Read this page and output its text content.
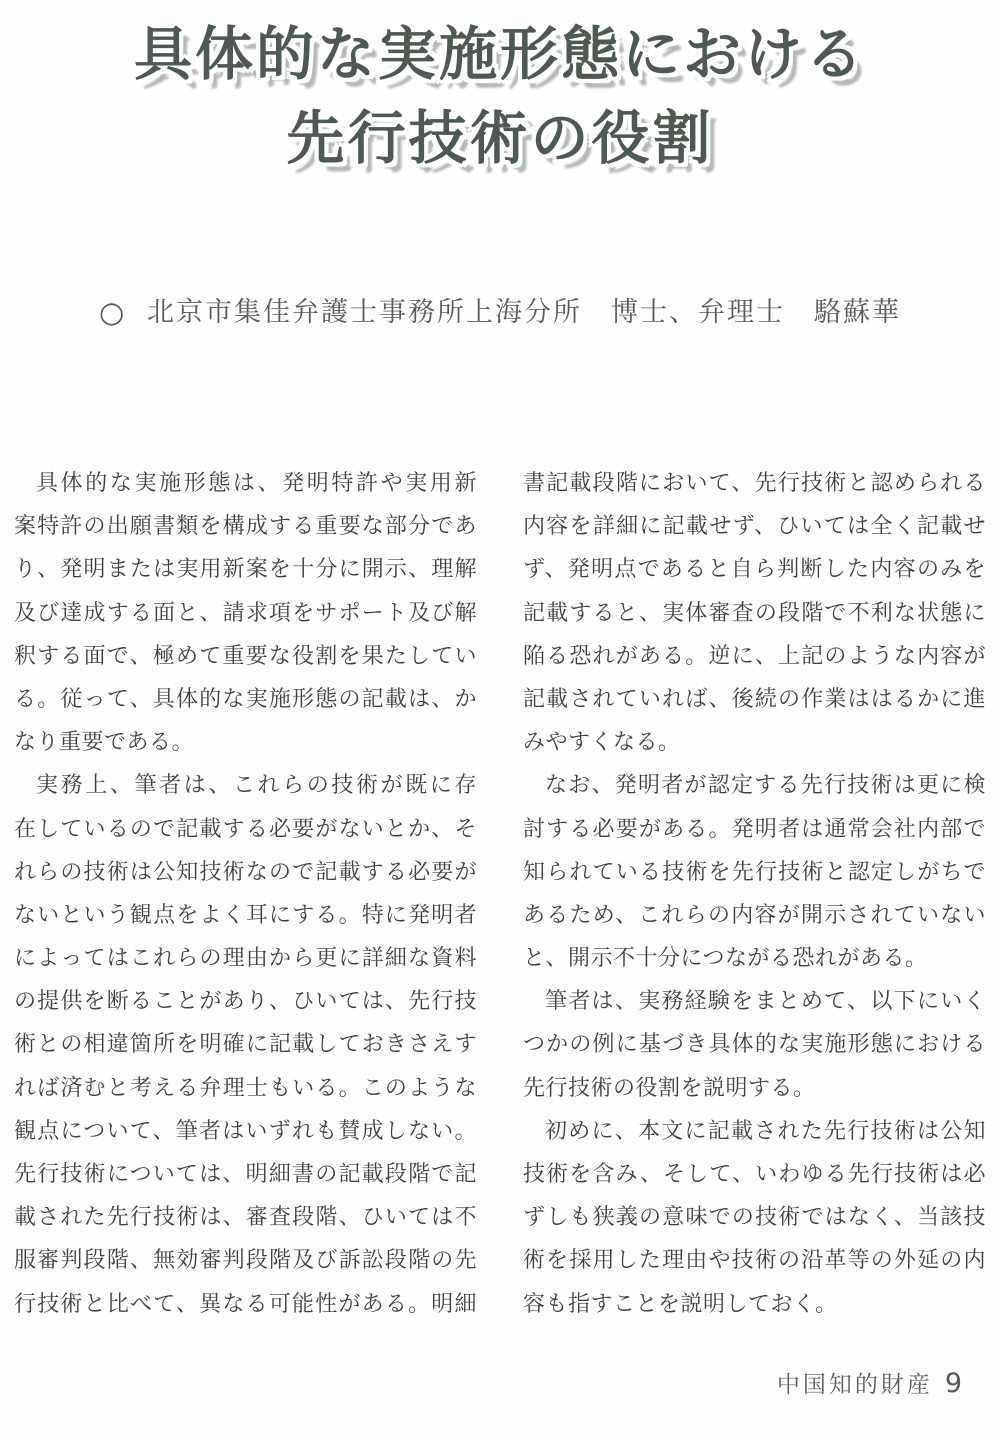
具体的な実施形態における
先行技術の役割
○ 北京市集佳弁護士事務所上海分所　博士、弁理士　駱蘇華
具体的な実施形態は、発明特許や実用新
案特許の出願書類を構成する重要な部分であ
り、発明または実用新案を十分に開示、理解
及び達成する面と、請求項をサポート及び解
釈する面で、極めて重要な役割を果たしてい
る。従って、具体的な実施形態の記載は、か
なり重要である。
実務上、筆者は、これらの技術が既に存
在しているので記載する必要がないとか、そ
れらの技術は公知技術なので記載する必要が
ないという観点をよく耳にする。特に発明者
によってはこれらの理由から更に詳細な資料
の提供を断ることがあり、ひいては、先行技
術との相違箇所を明確に記載しておきさえす
れば済むと考える弁理士もいる。このような
観点について、筆者はいずれも賛成しない。
先行技術については、明細書の記載段階で記
載された先行技術は、審査段階、ひいては不
服審判段階、無効審判段階及び訴訟段階の先
行技術と比べて、異なる可能性がある。明細
書記載段階において、先行技術と認められる
内容を詳細に記載せず、ひいては全く記載せ
ず、発明点であると自ら判断した内容のみを
記載すると、実体審査の段階で不利な状態に
陥る恐れがある。逆に、上記のような内容が
記載されていれば、後続の作業ははるかに進
みやすくなる。
なお、発明者が認定する先行技術は更に検
討する必要がある。発明者は通常会社内部で
知られている技術を先行技術と認定しがちで
あるため、これらの内容が開示されていない
と、開示不十分につながる恐れがある。
筆者は、実務経験をまとめて、以下にいく
つかの例に基づき具体的な実施形態における
先行技術の役割を説明する。
初めに、本文に記載された先行技術は公知
技術を含み、そして、いわゆる先行技術は必
ずしも狭義の意味での技術ではなく、当該技
術を採用した理由や技術の沿革等の外延の内
容も指すことを説明しておく。
中国知的財産 9
